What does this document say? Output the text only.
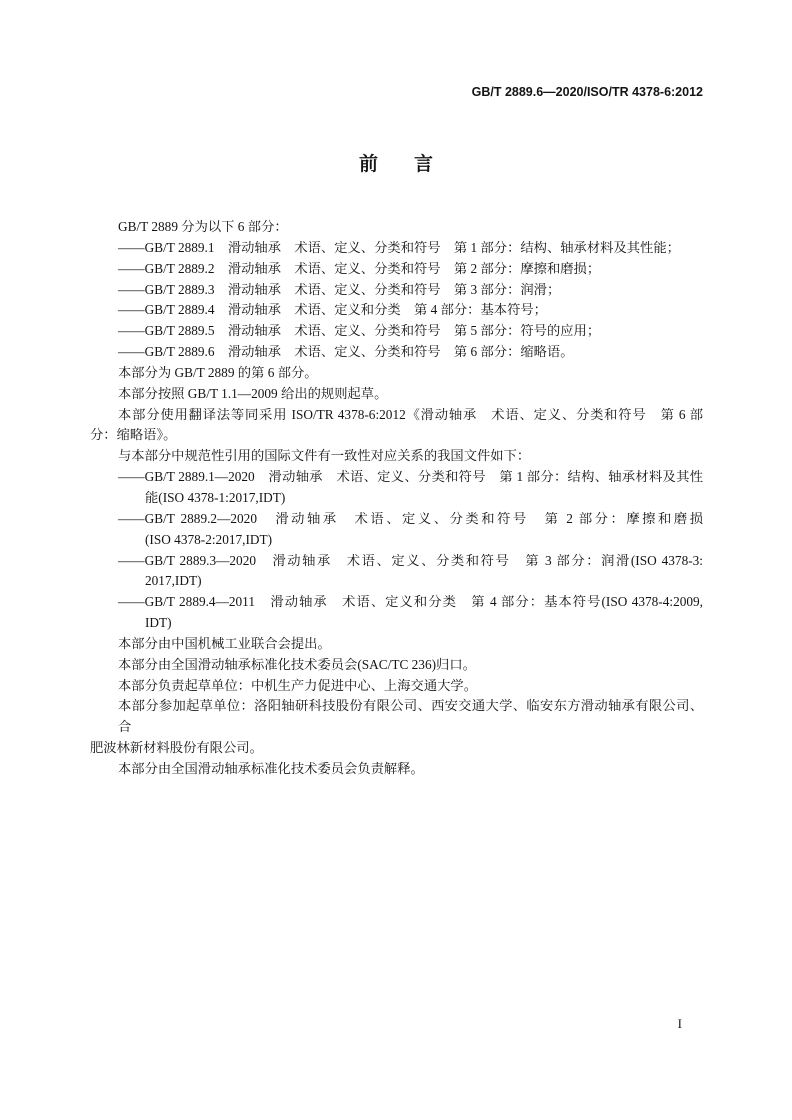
GB/T 2889.6—2020/ISO/TR 4378-6:2012
前　言
GB/T 2889 分为以下 6 部分：
——GB/T 2889.1　滑动轴承　术语、定义、分类和符号　第 1 部分：结构、轴承材料及其性能；
——GB/T 2889.2　滑动轴承　术语、定义、分类和符号　第 2 部分：摩擦和磨损；
——GB/T 2889.3　滑动轴承　术语、定义、分类和符号　第 3 部分：润滑；
——GB/T 2889.4　滑动轴承　术语、定义和分类　第 4 部分：基本符号；
——GB/T 2889.5　滑动轴承　术语、定义、分类和符号　第 5 部分：符号的应用；
——GB/T 2889.6　滑动轴承　术语、定义、分类和符号　第 6 部分：缩略语。
本部分为 GB/T 2889 的第 6 部分。
本部分按照 GB/T 1.1—2009 给出的规则起草。
本部分使用翻译法等同采用 ISO/TR 4378-6:2012《滑动轴承　术语、定义、分类和符号　第 6 部
分：缩略语》。
与本部分中规范性引用的国际文件有一致性对应关系的我国文件如下：
——GB/T 2889.1—2020　滑动轴承　术语、定义、分类和符号　第 1 部分：结构、轴承材料及其性
能(ISO 4378-1:2017,IDT)
——GB/T 2889.2—2020　滑动轴承　术语、定义、分类和符号　第 2 部分：摩擦和磨损
(ISO 4378-2:2017,IDT)
——GB/T 2889.3—2020　滑动轴承　术语、定义、分类和符号　第 3 部分：润滑(ISO 4378-3:
2017,IDT)
——GB/T 2889.4—2011　滑动轴承　术语、定义和分类　第 4 部分：基本符号(ISO 4378-4:2009,
IDT)
本部分由中国机械工业联合会提出。
本部分由全国滑动轴承标准化技术委员会(SAC/TC 236)归口。
本部分负责起草单位：中机生产力促进中心、上海交通大学。
本部分参加起草单位：洛阳轴研科技股份有限公司、西安交通大学、临安东方滑动轴承有限公司、合
肥波林新材料股份有限公司。
本部分由全国滑动轴承标准化技术委员会负责解释。
I
